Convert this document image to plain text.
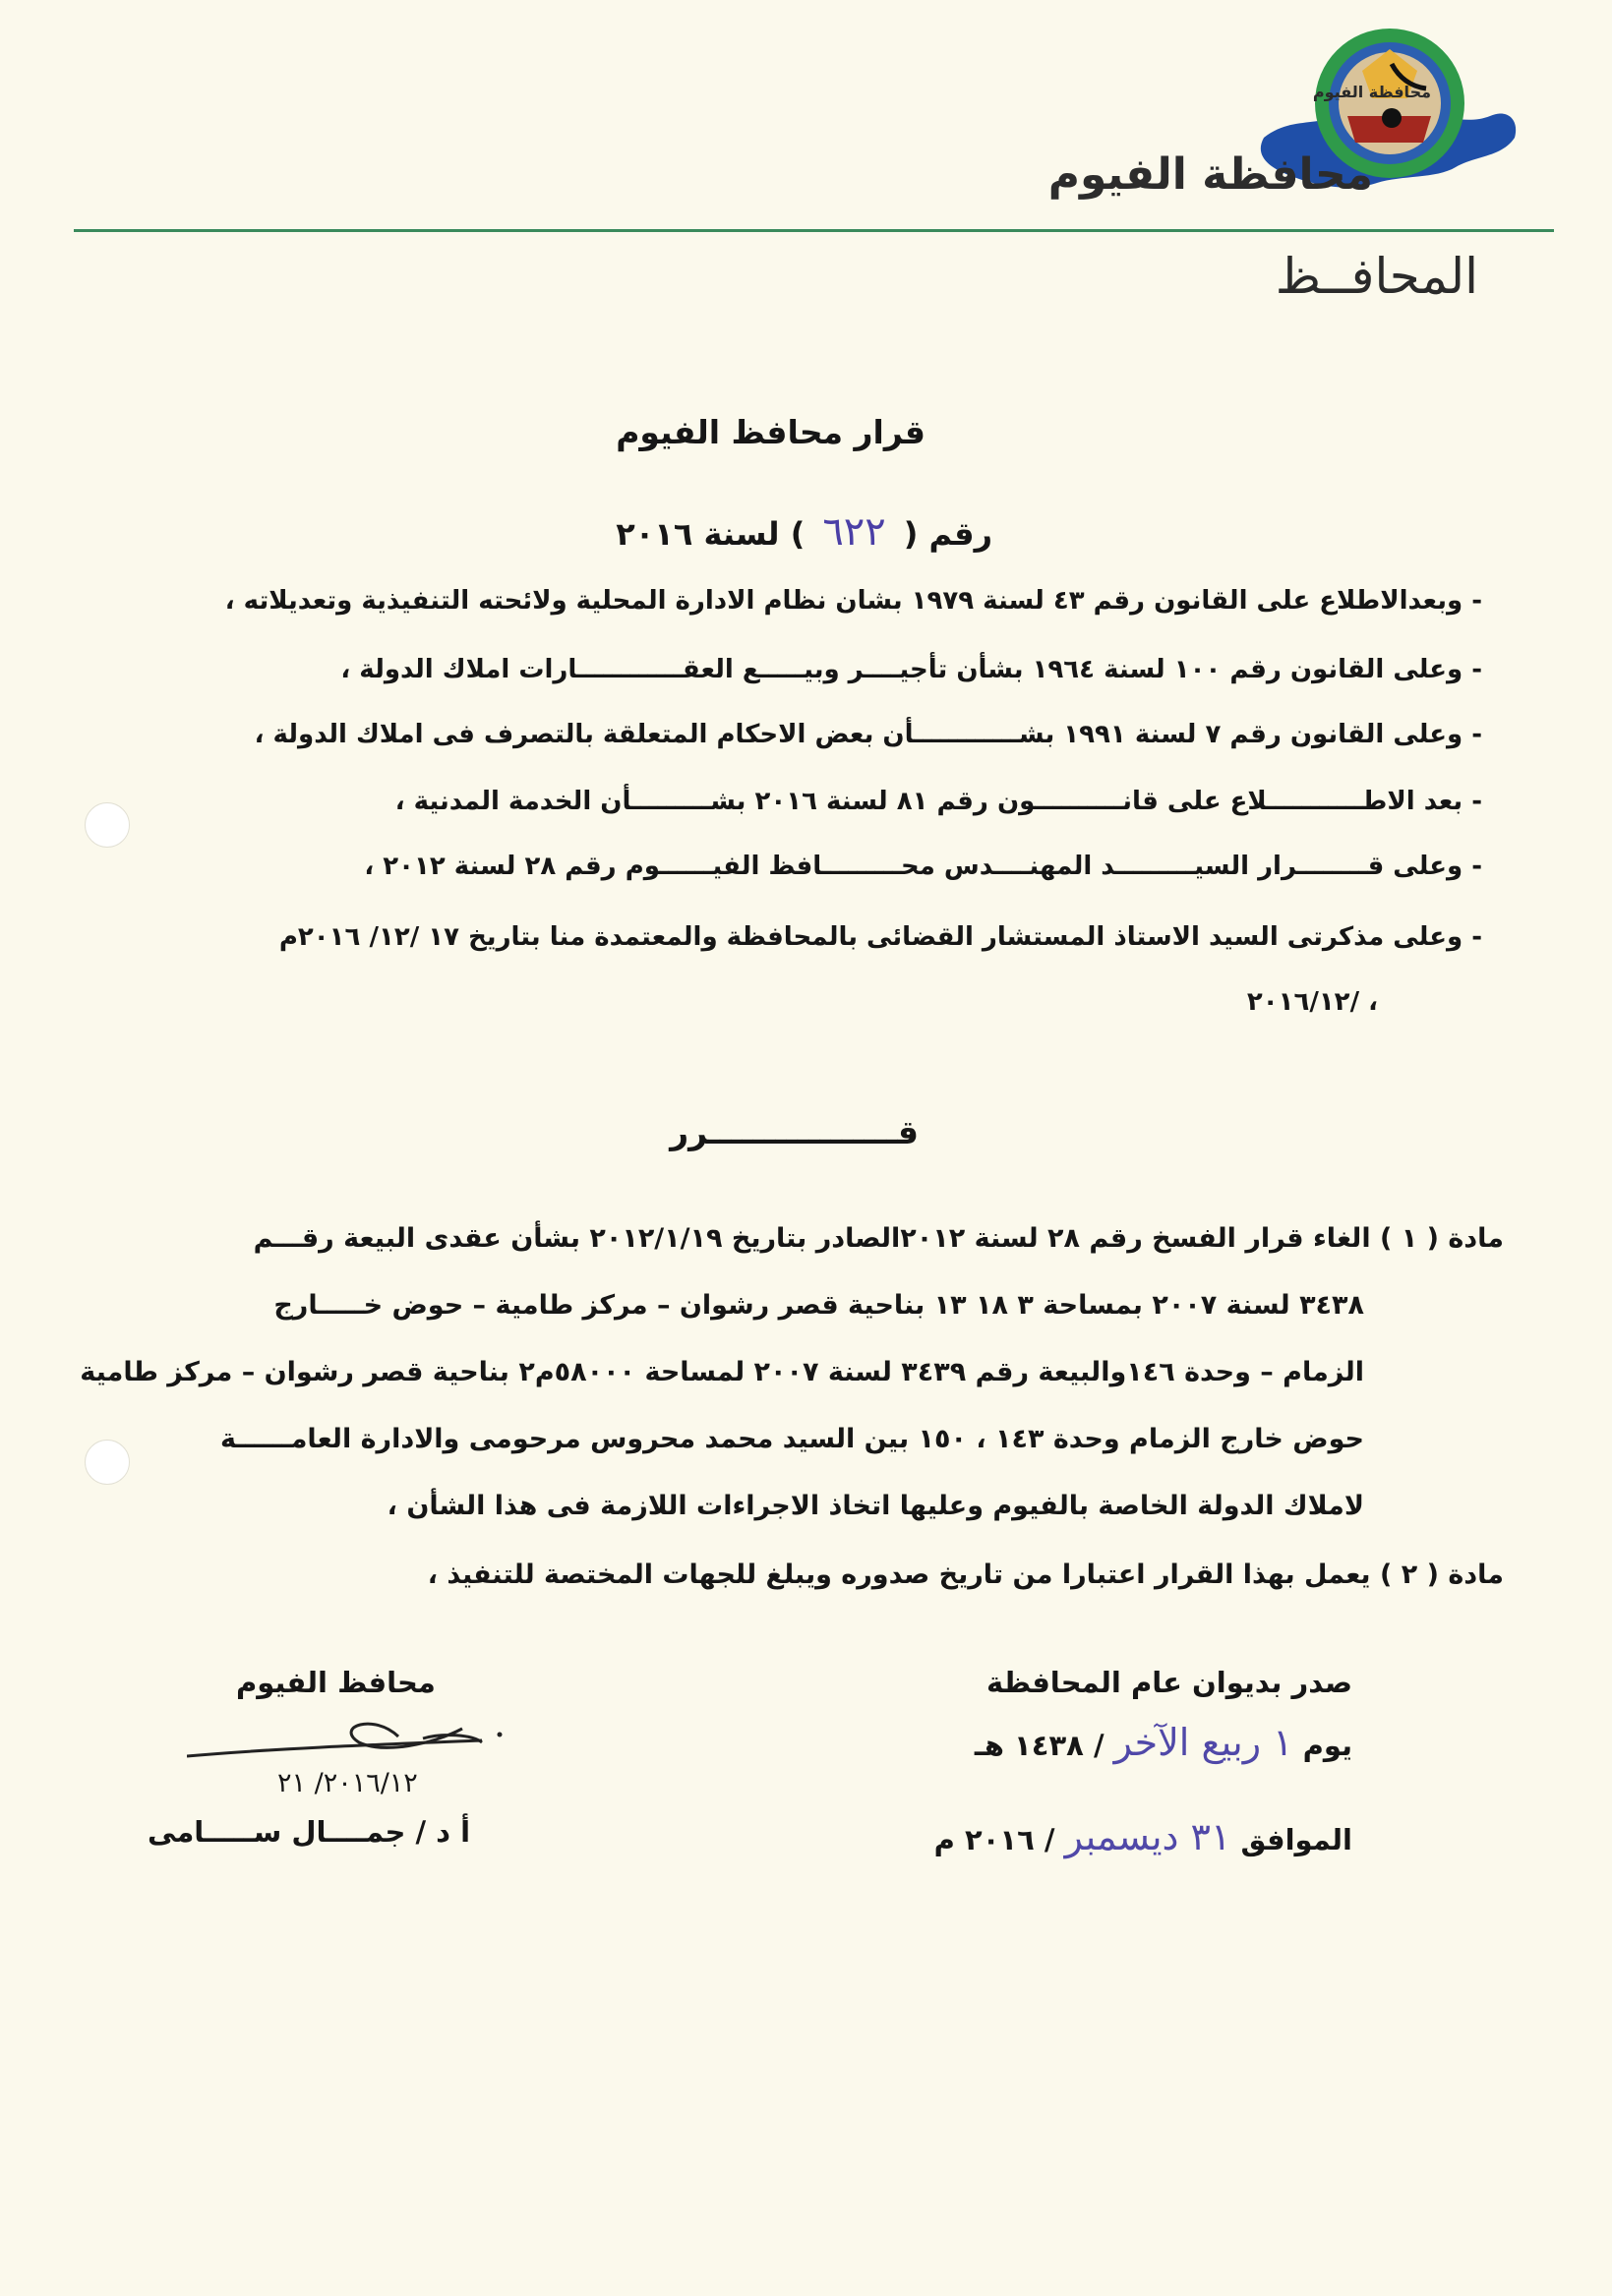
محافظة الفيوم
محافظة الفيوم
المحافــظ
قرار محافظ الفيوم
رقم (٦٢٢) لسنة ٢٠١٦
- وبعدالاطلاع على القانون رقم ٤٣ لسنة ١٩٧٩ بشان نظام الادارة المحلية ولائحته التنفيذية وتعديلاته ،
- وعلى القانون رقم ١٠٠ لسنة ١٩٦٤ بشأن تأجيــــر وبيـــــع العقــــــــــــارات املاك الدولة ،
- وعلى القانون رقم ٧ لسنة ١٩٩١ بشــــــــــــأن بعض الاحكام المتعلقة بالتصرف فى املاك الدولة ،
- بعد الاطـــــــــــلاع على قانــــــــــون رقم ٨١ لسنة ٢٠١٦ بشـــــــــأن الخدمة المدنية ،
- وعلى قــــــــرار السيـــــــــد المهنــــدس محـــــــــافظ الفيــــــوم رقم ٢٨ لسنة ٢٠١٢ ،
- وعلى مذكرتى السيد الاستاذ المستشار القضائى بالمحافظة والمعتمدة منا بتاريخ ١٧ /١٢/ ٢٠١٦م
٢٠١٦/١٢/ ،
قـــــــــــــــــرر
مادة ( ١ ) الغاء قرار الفسخ رقم ٢٨ لسنة ٢٠١٢الصادر بتاريخ ٢٠١٢/١/١٩ بشأن عقدى البيعة رقـــم
٣٤٣٨ لسنة ٢٠٠٧ بمساحة ٣ ١٨ ١٣ بناحية قصر رشوان – مركز طامية – حوض خـــــارج
الزمام – وحدة ١٤٦والبيعة رقم ٣٤٣٩ لسنة ٢٠٠٧ لمساحة ٥٨٠٠٠م٢ بناحية قصر رشوان – مركز طامية
حوض خارج الزمام وحدة ١٤٣ ، ١٥٠ بين السيد محمد محروس مرحومى والادارة العامــــــة
لاملاك الدولة الخاصة بالفيوم وعليها اتخاذ الاجراءات اللازمة فى هذا الشأن ،
مادة ( ٢ ) يعمل بهذا القرار اعتبارا من تاريخ صدوره ويبلغ للجهات المختصة للتنفيذ ،
صدر بديوان عام المحافظة
يوم ١ ربيع الآخر / ١٤٣٨ هـ
الموافق ٣١ ديسمبر / ٢٠١٦ م
محافظ الفيوم
٢٠١٦/١٢/ ٢١
أ د / جمــــال ســـــامى
